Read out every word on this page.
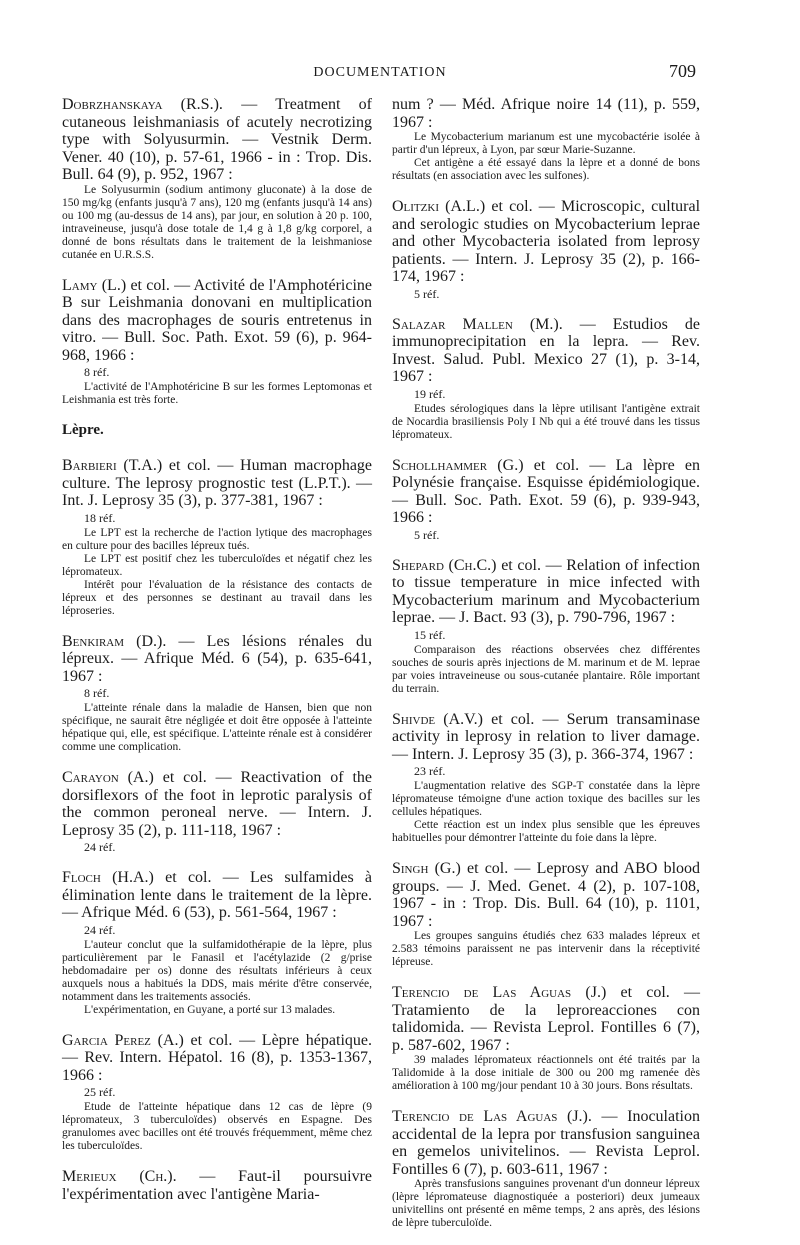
DOCUMENTATION	709

Dobrzhanskaya (R.S.). — Treatment of cutaneous leishmaniasis of acutely necrotizing type with Solyusurmin. — Vestnik Derm. Vener. 40 (10), p. 57-61, 1966 - in : Trop. Dis. Bull. 64 (9), p. 952, 1967 :

Le Solyusurmin (sodium antimony gluconate) à la dose de 150 mg/kg (enfants jusqu'à 7 ans), 120 mg (enfants jusqu'à 14 ans) ou 100 mg (au-dessus de 14 ans), par jour, en solution à 20 p. 100, intraveineuse, jusqu'à dose totale de 1,4 g à 1,8 g/kg corporel, a donné de bons résultats dans le traitement de la leishmaniose cutanée en U.R.S.S.

Lamy (L.) et col. — Activité de l'Amphotéricine B sur Leishmania donovani en multiplication dans des macrophages de souris entretenus in vitro. — Bull. Soc. Path. Exot. 59 (6), p. 964-968, 1966 :

8 réf.

L'activité de l'Amphotéricine B sur les formes Leptomonas et Leishmania est très forte.

Lèpre.

Barbieri (T.A.) et col. — Human macrophage culture. The leprosy prognostic test (L.P.T.). — Int. J. Leprosy 35 (3), p. 377-381, 1967 :

18 réf.

Le LPT est la recherche de l'action lytique des macrophages en culture pour des bacilles lépreux tués.

Le LPT est positif chez les tuberculoïdes et négatif chez les lépromateux.

Intérêt pour l'évaluation de la résistance des contacts de lépreux et des personnes se destinant au travail dans les léproseries.

Benkiram (D.). — Les lésions rénales du lépreux. — Afrique Méd. 6 (54), p. 635-641, 1967 :

8 réf.

L'atteinte rénale dans la maladie de Hansen, bien que non spécifique, ne saurait être négligée et doit être opposée à l'atteinte hépatique qui, elle, est spécifique. L'atteinte rénale est à considérer comme une complication.

Carayon (A.) et col. — Reactivation of the dorsiflexors of the foot in leprotic paralysis of the common peroneal nerve. — Intern. J. Leprosy 35 (2), p. 111-118, 1967 :

24 réf.

Floch (H.A.) et col. — Les sulfamides à élimination lente dans le traitement de la lèpre. — Afrique Méd. 6 (53), p. 561-564, 1967 :

24 réf.

L'auteur conclut que la sulfamidothérapie de la lèpre, plus particulièrement par le Fanasil et l'acétylazide (2 g/prise hebdomadaire per os) donne des résultats inférieurs à ceux auxquels nous a habitués la DDS, mais mérite d'être conservée, notamment dans les traitements associés.

L'expérimentation, en Guyane, a porté sur 13 malades.

Garcia Perez (A.) et col. — Lèpre hépatique. — Rev. Intern. Hépatol. 16 (8), p. 1353-1367, 1966 :

25 réf.

Etude de l'atteinte hépatique dans 12 cas de lèpre (9 lépromateux, 3 tuberculoïdes) observés en Espagne. Des granulomes avec bacilles ont été trouvés fréquemment, même chez les tuberculoïdes.

Merieux (Ch.). — Faut-il poursuivre l'expérimentation avec l'antigène Maria-

num ? — Méd. Afrique noire 14 (11), p. 559, 1967 :

Le Mycobacterium marianum est une mycobactérie isolée à partir d'un lépreux, à Lyon, par sœur Marie-Suzanne.

Cet antigène a été essayé dans la lèpre et a donné de bons résultats (en association avec les sulfones).

Olitzki (A.L.) et col. — Microscopic, cultural and serologic studies on Mycobacterium leprae and other Mycobacteria isolated from leprosy patients. — Intern. J. Leprosy 35 (2), p. 166-174, 1967 :

5 réf.

Salazar Mallen (M.). — Estudios de immunoprecipitation en la lepra. — Rev. Invest. Salud. Publ. Mexico 27 (1), p. 3-14, 1967 :

19 réf.

Etudes sérologiques dans la lèpre utilisant l'antigène extrait de Nocardia brasiliensis Poly I Nb qui a été trouvé dans les tissus lépromateux.

Schollhammer (G.) et col. — La lèpre en Polynésie française. Esquisse épidémiologique. — Bull. Soc. Path. Exot. 59 (6), p. 939-943, 1966 :

5 réf.

Shepard (Ch.C.) et col. — Relation of infection to tissue temperature in mice infected with Mycobacterium marinum and Mycobacterium leprae. — J. Bact. 93 (3), p. 790-796, 1967 :

15 réf.

Comparaison des réactions observées chez différentes souches de souris après injections de M. marinum et de M. leprae par voies intraveineuse ou sous-cutanée plantaire. Rôle important du terrain.

Shivde (A.V.) et col. — Serum transaminase activity in leprosy in relation to liver damage. — Intern. J. Leprosy 35 (3), p. 366-374, 1967 :

23 réf.

L'augmentation relative des SGP-T constatée dans la lèpre lépromateuse témoigne d'une action toxique des bacilles sur les cellules hépatiques.

Cette réaction est un index plus sensible que les épreuves habituelles pour démontrer l'atteinte du foie dans la lèpre.

Singh (G.) et col. — Leprosy and ABO blood groups. — J. Med. Genet. 4 (2), p. 107-108, 1967 - in : Trop. Dis. Bull. 64 (10), p. 1101, 1967 :

Les groupes sanguins étudiés chez 633 malades lépreux et 2.583 témoins paraissent ne pas intervenir dans la réceptivité lépreuse.

Terencio de Las Aguas (J.) et col. — Tratamiento de la leproreacciones con talidomida. — Revista Leprol. Fontilles 6 (7), p. 587-602, 1967 :

39 malades lépromateux réactionnels ont été traités par la Talidomide à la dose initiale de 300 ou 200 mg ramenée dès amélioration à 100 mg/jour pendant 10 à 30 jours. Bons résultats.

Terencio de Las Aguas (J.). — Inoculation accidental de la lepra por transfusion sanguinea en gemelos univitelinos. — Revista Leprol. Fontilles 6 (7), p. 603-611, 1967 :

Après transfusions sanguines provenant d'un donneur lépreux (lèpre lépromateuse diagnostiquée a posteriori) deux jumeaux univitellins ont présenté en même temps, 2 ans après, des lésions de lèpre tuberculoïde.
